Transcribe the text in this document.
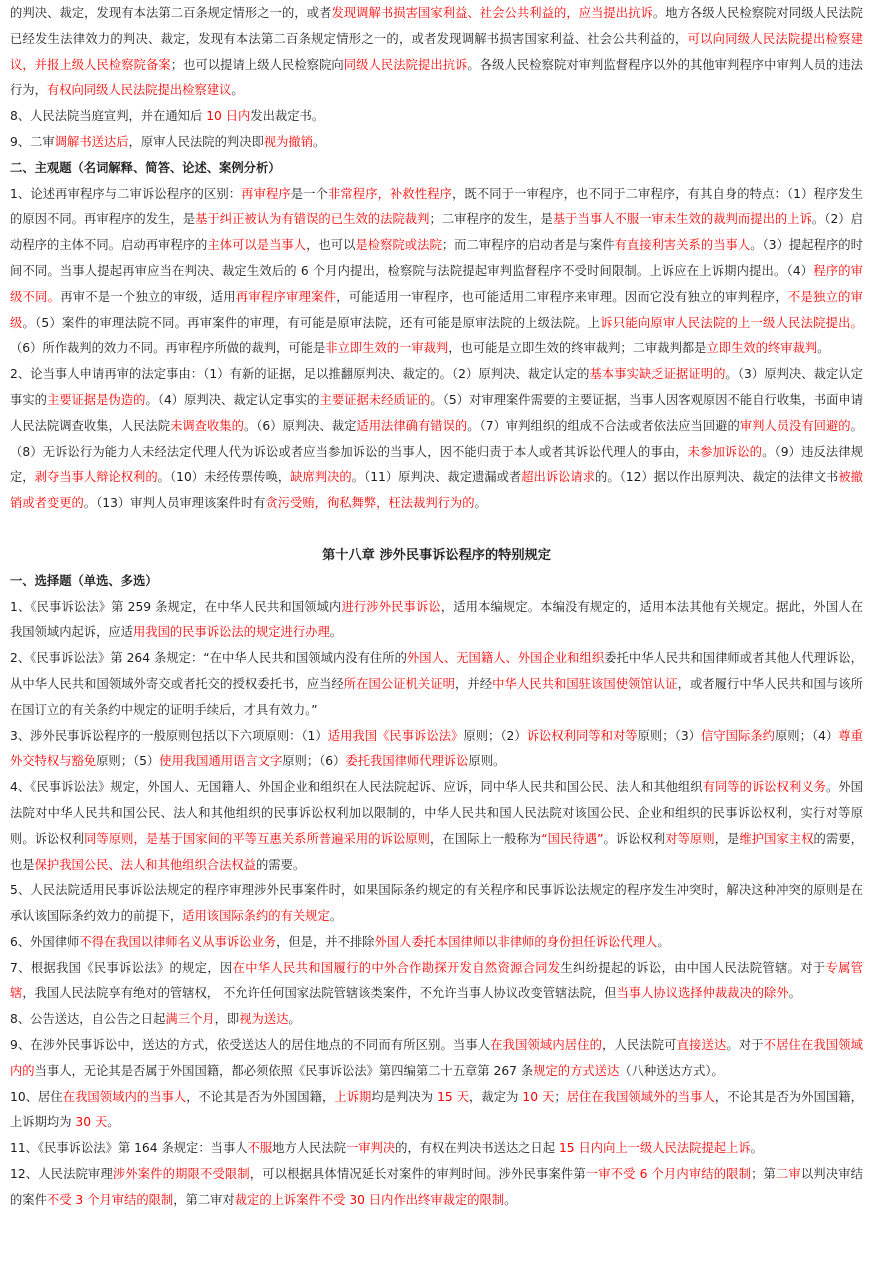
的判决、裁定，发现有本法第二百条规定情形之一的，或者发现调解书损害国家利益、社会公共利益的，应当提出抗诉。地方各级人民检察院对同级人民法院已经发生法律效力的判决、裁定，发现有本法第二百条规定情形之一的，或者发现调解书损害国家利益、社会公共利益的，可以向同级人民法院提出检察建议，并报上级人民检察院备案；也可以提请上级人民检察院向同级人民法院提出抗诉。各级人民检察院对审判监督程序以外的其他审判程序中审判人员的违法行为，有权向同级人民法院提出检察建议。
8、人民法院当庭宣判，并在通知后 10 日内发出裁定书。
9、二审调解书送达后，原审人民法院的判决即视为撤销。
二、主观题（名词解释、简答、论述、案例分析）
1、论述再审程序与二审诉讼程序的区别：再审程序是一个非常程序，补救性程序，既不同于一审程序，也不同于二审程序，有其自身的特点：（1）程序发生的原因不同。再审程序的发生，是基于纠正被认为有错误的已生效的法院裁判；二审程序的发生，是基于当事人不服一审未生效的裁判而提出的上诉。（2）启动程序的主体不同。启动再审程序的主体可以是当事人，也可以是检察院或法院；而二审程序的启动者是与案件有直接利害关系的当事人。（3）提起程序的时间不同。当事人提起再审应当在判决、裁定生效后的 6 个月内提出，检察院与法院提起审判监督程序不受时间限制。上诉应在上诉期内提出。（4）程序的审级不同。再审不是一个独立的审级，适用再审程序审理案件，可能适用一审程序，也可能适用二审程序来审理。因而它没有独立的审判程序，不是独立的审级。（5）案件的审理法院不同。再审案件的审理，有可能是原审法院，还有可能是原审法院的上级法院。上诉只能向原审人民法院的上一级人民法院提出。（6）所作裁判的效力不同。再审程序所做的裁判，可能是非立即生效的一审裁判，也可能是立即生效的终审裁判；二审裁判都是立即生效的终审裁判。
2、论当事人申请再审的法定事由：（1）有新的证据，足以推翻原判决、裁定的。（2）原判决、裁定认定的基本事实缺乏证据证明的。（3）原判决、裁定认定事实的主要证据是伪造的。（4）原判决、裁定认定事实的主要证据未经质证的。（5）对审理案件需要的主要证据，当事人因客观原因不能自行收集，书面申请人民法院调查收集，人民法院未调查收集的。（6）原判决、裁定适用法律确有错误的。（7）审判组织的组成不合法或者依法应当回避的审判人员没有回避的。（8）无诉讼行为能力人未经法定代理人代为诉讼或者应当参加诉讼的当事人，因不能归责于本人或者其诉讼代理人的事由，未参加诉讼的。（9）违反法律规定，剥夺当事人辩论权利的。（10）未经传票传唤，缺席判决的。（11）原判决、裁定遗漏或者超出诉讼请求的。（12）据以作出原判决、裁定的法律文书被撤销或者变更的。（13）审判人员审理该案件时有贪污受贿，徇私舞弊，枉法裁判行为的。
第十八章 涉外民事诉讼程序的特别规定
一、选择题（单选、多选）
1、《民事诉讼法》第 259 条规定，在中华人民共和国领域内进行涉外民事诉讼，适用本编规定。本编没有规定的，适用本法其他有关规定。据此，外国人在我国领域内起诉，应适用我国的民事诉讼法的规定进行办理。
2、《民事诉讼法》第 264 条规定：“在中华人民共和国领域内没有住所的外国人、无国籍人、外国企业和组织委托中华人民共和国律师或者其他人代理诉讼，从中华人民共和国领域外寄交或者托交的授权委托书，应当经所在国公证机关证明，并经中华人民共和国驻该国使领馆认证，或者履行中华人民共和国与该所在国订立的有关条约中规定的证明手续后，才具有效力。”
3、涉外民事诉讼程序的一般原则包括以下六项原则：（1）适用我国《民事诉讼法》原则；（2）诉讼权利同等和对等原则；（3）信守国际条约原则；（4）尊重外交特权与豁免原则；（5）使用我国通用语言文字原则；（6）委托我国律师代理诉讼原则。
4、《民事诉讼法》规定，外国人、无国籍人、外国企业和组织在人民法院起诉、应诉，同中华人民共和国公民、法人和其他组织有同等的诉讼权利义务。外国法院对中华人民共和国公民、法人和其他组织的民事诉讼权利加以限制的，中华人民共和国人民法院对该国公民、企业和组织的民事诉讼权利，实行对等原则。诉讼权利同等原则，是基于国家间的平等互惠关系所普遍采用的诉讼原则，在国际上一般称为“国民待遇”。诉讼权利对等原则，是维护国家主权的需要，也是保护我国公民、法人和其他组织合法权益的需要。
5、人民法院适用民事诉讼法规定的程序审理涉外民事案件时，如果国际条约规定的有关程序和民事诉讼法规定的程序发生冲突时，解决这种冲突的原则是在承认该国际条约效力的前提下，适用该国际条约的有关规定。
6、外国律师不得在我国以律师名义从事诉讼业务，但是，并不排除外国人委托本国律师以非律师的身份担任诉讼代理人。
7、根据我国《民事诉讼法》的规定，因在中华人民共和国履行的中外合作勘探开发自然资源合同发生纠纷提起的诉讼，由中国人民法院管辖。对于专属管辖，我国人民法院享有绝对的管辖权， 不允许任何国家法院管辖该类案件，不允许当事人协议改变管辖法院，但当事人协议选择仲裁裁决的除外。
8、公告送达，自公告之日起满三个月，即视为送达。
9、在涉外民事诉讼中，送达的方式，依受送达人的居住地点的不同而有所区别。当事人在我国领域内居住的，人民法院可直接送达。对于不居住在我国领域内的当事人，无论其是否属于外国国籍，都必须依照《民事诉讼法》第四编第二十五章第 267 条规定的方式送达（八种送达方式）。
10、居住在我国领域内的当事人，不论其是否为外国国籍，上诉期均是判决为 15 天，裁定为 10 天；居住在我国领域外的当事人，不论其是否为外国国籍，上诉期均为 30 天。
11、《民事诉讼法》第 164 条规定：当事人不服地方人民法院一审判决的，有权在判决书送达之日起 15 日内向上一级人民法院提起上诉。
12、人民法院审理涉外案件的期限不受限制，可以根据具体情况延长对案件的审判时间。涉外民事案件第一审不受 6 个月内审结的限制；第二审以判决审结的案件不受 3 个月审结的限制，第二审对裁定的上诉案件不受 30 日内作出终审裁定的限制。
